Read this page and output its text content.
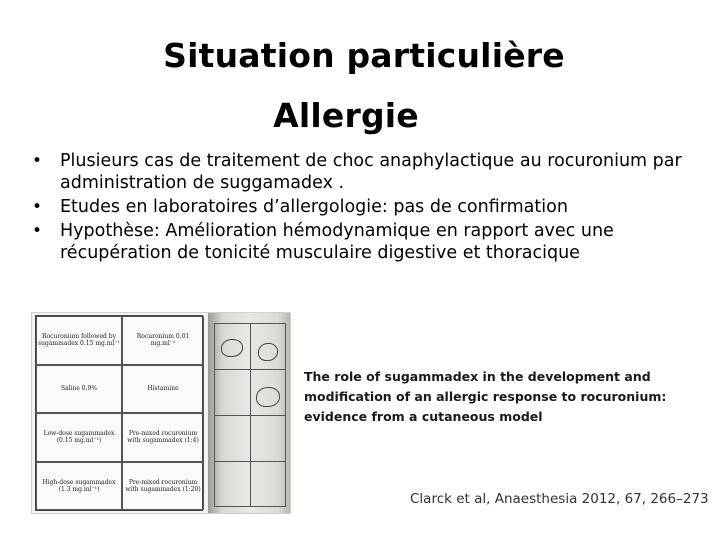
Situation particulière
Allergie
• Plusieurs cas de traitement de choc anaphylactique au rocuronium par administration de suggamadex .
• Etudes en laboratoires d’allergologie: pas de confirmation
• Hypothèse: Amélioration hémodynamique en rapport avec une récupération de tonicité musculaire digestive et thoracique
Rocuronium followed by sugammadex 0.15 mg.ml⁻¹
Rocuronium 0.01 mg.ml⁻¹
Saline 0.9%	Histamine
Low-dose sugammadex (0.15 mg.ml⁻¹)
Pre-mixed rocuronium with sugammadex (1:4)
High-dose sugammadex (1.3 mg.ml⁻¹)
Pre-mixed rocuronium with sugammadex (1:20)
The role of sugammadex in the development and modification of an allergic response to rocuronium: evidence from a cutaneous model
Clarck et al, Anaesthesia 2012, 67, 266–273
